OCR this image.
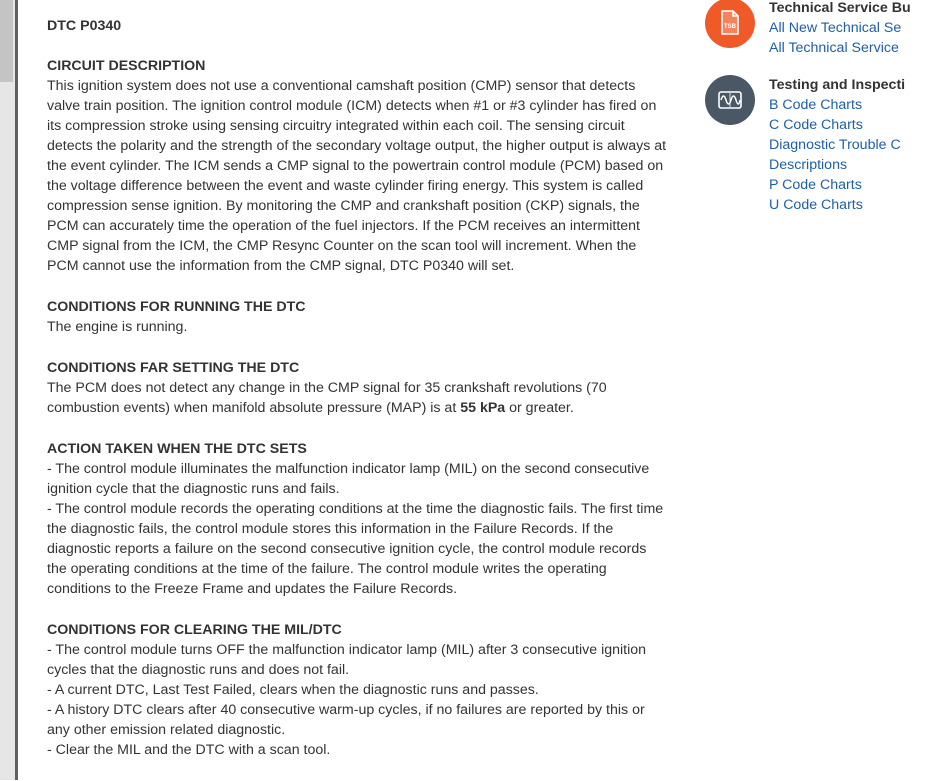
DTC P0340

CIRCUIT DESCRIPTION

This ignition system does not use a conventional camshaft position (CMP) sensor that detects valve train position. The ignition control module (ICM) detects when #1 or #3 cylinder has fired on its compression stroke using sensing circuitry integrated within each coil. The sensing circuit detects the polarity and the strength of the secondary voltage output, the higher output is always at the event cylinder. The ICM sends a CMP signal to the powertrain control module (PCM) based on the voltage difference between the event and waste cylinder firing energy. This system is called compression sense ignition. By monitoring the CMP and crankshaft position (CKP) signals, the PCM can accurately time the operation of the fuel injectors. If the PCM receives an intermittent CMP signal from the ICM, the CMP Resync Counter on the scan tool will increment. When the PCM cannot use the information from the CMP signal, DTC P0340 will set.

CONDITIONS FOR RUNNING THE DTC

The engine is running.

CONDITIONS FAR SETTING THE DTC

The PCM does not detect any change in the CMP signal for 35 crankshaft revolutions (70 combustion events) when manifold absolute pressure (MAP) is at 55 kPa or greater.

ACTION TAKEN WHEN THE DTC SETS

- The control module illuminates the malfunction indicator lamp (MIL) on the second consecutive ignition cycle that the diagnostic runs and fails.

- The control module records the operating conditions at the time the diagnostic fails. The first time the diagnostic fails, the control module stores this information in the Failure Records. If the diagnostic reports a failure on the second consecutive ignition cycle, the control module records the operating conditions at the time of the failure. The control module writes the operating conditions to the Freeze Frame and updates the Failure Records.

CONDITIONS FOR CLEARING THE MIL/DTC

- The control module turns OFF the malfunction indicator lamp (MIL) after 3 consecutive ignition cycles that the diagnostic runs and does not fail.

- A current DTC, Last Test Failed, clears when the diagnostic runs and passes.

- A history DTC clears after 40 consecutive warm-up cycles, if no failures are reported by this or any other emission related diagnostic.

- Clear the MIL and the DTC with a scan tool.

TSB
Technical Service Bu
All New Technical Se
All Technical Service
Testing and Inspecti
B Code Charts
C Code Charts
Diagnostic Trouble C
Descriptions
P Code Charts
U Code Charts
